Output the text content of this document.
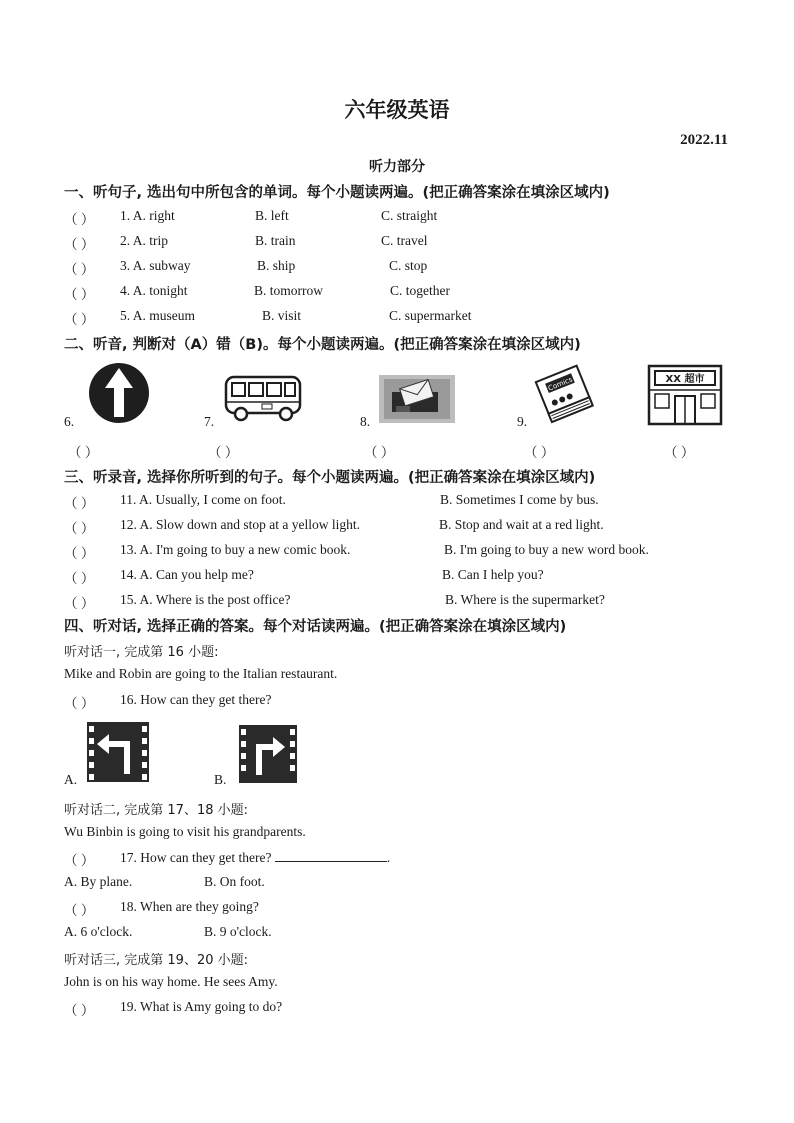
六年级英语
2022.11
听力部分
一、听句子, 选出句中所包含的单词。每个小题读两遍。(把正确答案涂在填涂区域内)
（ ） 1. A. right	B. left	C. straight
（ ） 2. A. trip	B. train	C. travel
（ ） 3. A. subway	B. ship	C. stop
（ ） 4. A. tonight	B. tomorrow	C. together
（ ） 5. A. museum	B. visit	C. supermarket
二、听音, 判断对（A）错（B)。每个小题读两遍。(把正确答案涂在填涂区域内)
6.
（ ）
7.
（ ）
8.
（ ）
9.
Comics
（ ）
XX 超市
（ ）
三、听录音, 选择你所听到的句子。每个小题读两遍。(把正确答案涂在填涂区域内)
（ ） 11. A. Usually, I come on foot.	B. Sometimes I come by bus.
（ ） 12. A. Slow down and stop at a yellow light.	B. Stop and wait at a red light.
（ ） 13. A. I'm going to buy a new comic book.	B. I'm going to buy a new word book.
（ ） 14. A. Can you help me?	B. Can I help you?
（ ） 15. A. Where is the post office?	B. Where is the supermarket?
四、听对话, 选择正确的答案。每个对话读两遍。(把正确答案涂在填涂区域内)
听对话一, 完成第 16 小题:
Mike and Robin are going to the Italian restaurant.
（ ） 16. How can they get there?
A.	B.
听对话二, 完成第 17、18 小题:
Wu Binbin is going to visit his grandparents.
（ ） 17. How can they get there?	.
A. By plane.	B. On foot.
（ ） 18. When are they going?
A. 6 o'clock.	B. 9 o'clock.
听对话三, 完成第 19、20 小题:
John is on his way home. He sees Amy.
（ ） 19. What is Amy going to do?
